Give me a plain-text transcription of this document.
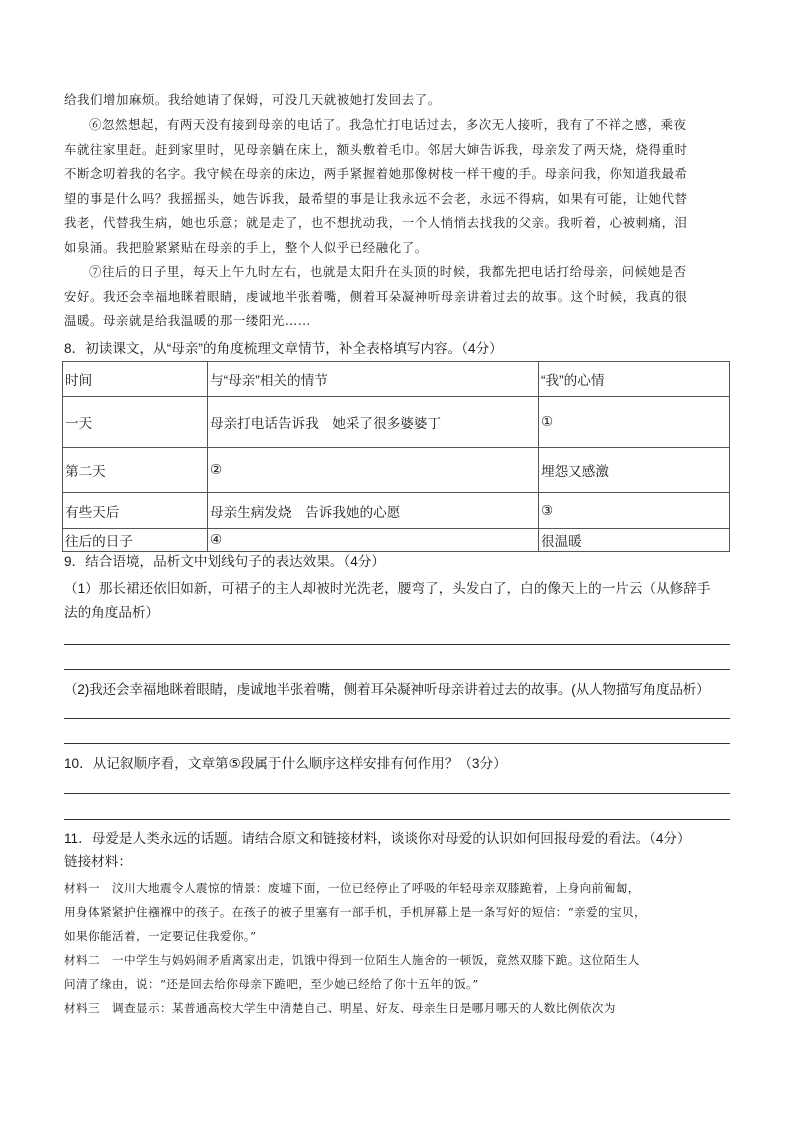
给我们增加麻烦。我给她请了保姆，可没几天就被她打发回去了。
⑥忽然想起，有两天没有接到母亲的电话了。我急忙打电话过去，多次无人接听，我有了不祥之感，乘夜
车就往家里赶。赶到家里时，见母亲躺在床上，额头敷着毛巾。邻居大婶告诉我，母亲发了两天烧，烧得重时
不断念叨着我的名字。我守候在母亲的床边，两手紧握着她那像树枝一样干瘦的手。母亲问我，你知道我最希
望的事是什么吗？我摇摇头，她告诉我，最希望的事是让我永远不会老，永远不得病，如果有可能，让她代替
我老，代替我生病，她也乐意；就是走了，也不想扰动我，一个人悄悄去找我的父亲。我听着，心被刺痛，泪
如泉涌。我把脸紧紧贴在母亲的手上，整个人似乎已经融化了。
⑦往后的日子里，每天上午九时左右，也就是太阳升在头顶的时候，我都先把电话打给母亲，问候她是否
安好。我还会幸福地眯着眼睛，虔诚地半张着嘴，侧着耳朵凝神听母亲讲着过去的故事。这个时候，我真的很
温暖。母亲就是给我温暖的那一缕阳光……
8．初读课文，从“母亲”的角度梳理文章情节，补全表格填写内容。（4分）
时间	与“母亲”相关的情节	“我”的心情
一天	母亲打电话告诉我　她采了很多婆婆丁	①
第二天	②	埋怨又感激
有些天后	母亲生病发烧　告诉我她的心愿	③
往后的日子	④	很温暖
9．结合语境，品析文中划线句子的表达效果。（4分）
（1）那长裙还依旧如新，可裙子的主人却被时光洗老，腰弯了，头发白了，白的像天上的一片云（从修辞手
法的角度品析）
（2)我还会幸福地眯着眼睛，虔诚地半张着嘴，侧着耳朵凝神听母亲讲着过去的故事。(从人物描写角度品析）
10．从记叙顺序看，文章第⑤段属于什么顺序这样安排有何作用？（3分）
11．母爱是人类永远的话题。请结合原文和链接材料，谈谈你对母爱的认识如何回报母爱的看法。（4分）
链接材料：
材料一　汶川大地震令人震惊的情景：废墟下面，一位已经停止了呼吸的年轻母亲双膝跪着，上身向前匍匐，
用身体紧紧护住襁褓中的孩子。在孩子的被子里塞有一部手机，手机屏幕上是一条写好的短信：“亲爱的宝贝，
如果你能活着，一定要记住我爱你。”
材料二　一中学生与妈妈闹矛盾离家出走，饥饿中得到一位陌生人施舍的一顿饭，竟然双膝下跪。这位陌生人
问清了缘由，说：“还是回去给你母亲下跪吧，至少她已经给了你十五年的饭。”
材料三　调查显示：某普通高校大学生中清楚自己、明星、好友、母亲生日是哪月哪天的人数比例依次为
